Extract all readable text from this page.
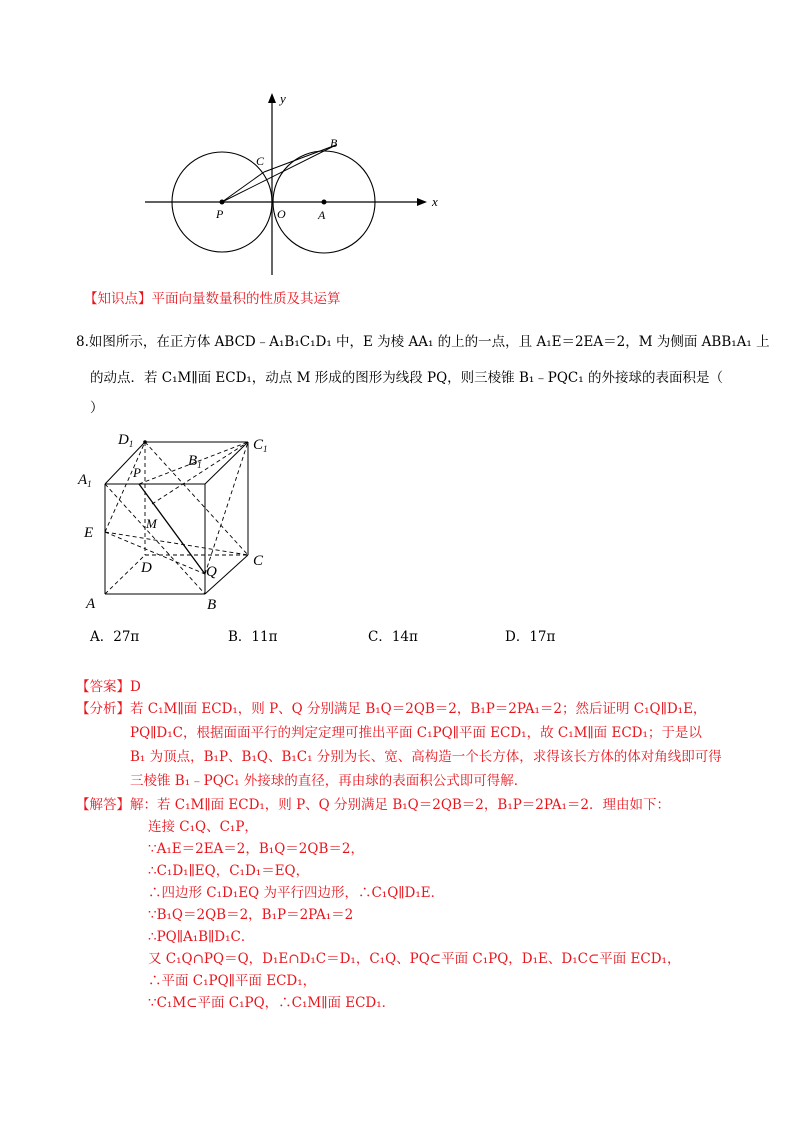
x
y
B
C
P	O	A
【知识点】平面向量数量积的性质及其运算
8.如图所示，在正方体 ABCD﹣A₁B₁C₁D₁ 中，E 为棱 AA₁ 的上的一点，且 A₁E＝2EA＝2，M 为侧面 ABB₁A₁ 上
的动点．若 C₁M∥面 ECD₁，动点 M 形成的图形为线段 PQ，则三棱锥 B₁﹣PQC₁ 的外接球的表面积是（
）
$D_1$	$C_1$
$A_1$
$B_1$
P
M
E
D	Q
C
A	B
A．27π	B．11π	C．14π	D．17π
【答案】D
【分析】若 C₁M∥面 ECD₁，则 P、Q 分别满足 B₁Q＝2QB＝2，B₁P＝2PA₁＝2；然后证明 C₁Q∥D₁E，
PQ∥D₁C，根据面面平行的判定定理可推出平面 C₁PQ∥平面 ECD₁，故 C₁M∥面 ECD₁；于是以
B₁ 为顶点，B₁P、B₁Q、B₁C₁ 分别为长、宽、高构造一个长方体，求得该长方体的体对角线即可得
三棱锥 B₁﹣PQC₁ 外接球的直径，再由球的表面积公式即可得解．
【解答】解：若 C₁M∥面 ECD₁，则 P、Q 分别满足 B₁Q＝2QB＝2，B₁P＝2PA₁＝2．理由如下：
连接 C₁Q、C₁P，
∵A₁E＝2EA＝2，B₁Q＝2QB＝2，
∴C₁D₁∥EQ，C₁D₁＝EQ，
∴四边形 C₁D₁EQ 为平行四边形，∴C₁Q∥D₁E．
∵B₁Q＝2QB＝2，B₁P＝2PA₁＝2
∴PQ∥A₁B∥D₁C．
又 C₁Q∩PQ＝Q，D₁E∩D₁C＝D₁，C₁Q、PQ⊂平面 C₁PQ，D₁E、D₁C⊂平面 ECD₁，
∴平面 C₁PQ∥平面 ECD₁，
∵C₁M⊂平面 C₁PQ，∴C₁M∥面 ECD₁．
